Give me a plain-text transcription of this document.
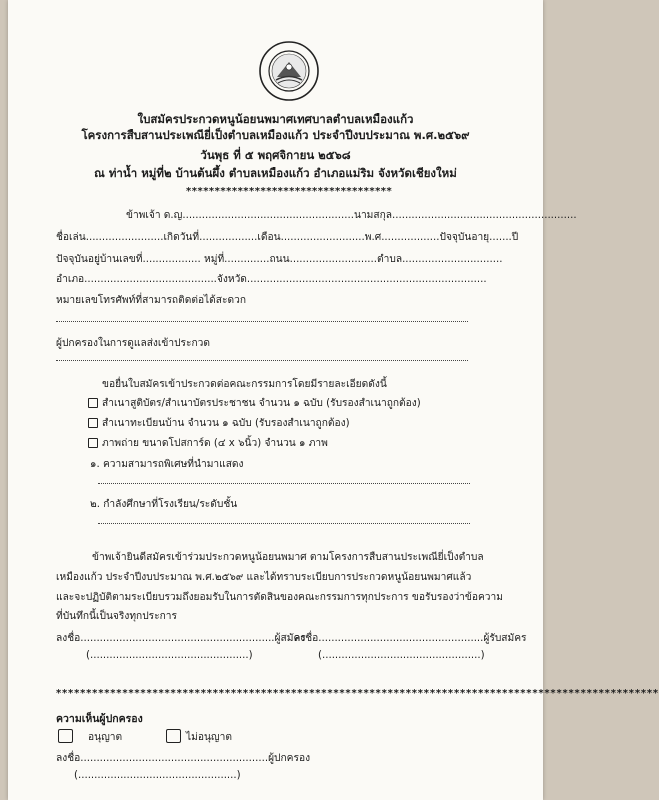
ใบสมัครประกวดหนูน้อยนพมาศเทศบาลตำบลเหมืองแก้ว
โครงการสืบสานประเพณียี่เป็งตำบลเหมืองแก้ว ประจำปีงบประมาณ พ.ศ.๒๕๖๙
วันพุธ ที่ ๕ พฤศจิกายน ๒๕๖๘
ณ ท่าน้ำ หมู่ที่๒ บ้านต้นผึ้ง ตำบลเหมืองแก้ว อำเภอแม่ริม จังหวัดเชียงใหม่
************************************
ข้าพเจ้า ด.ญ.....................................................นามสกุล.........................................................
ชื่อเล่น........................เกิดวันที่..................เดือน..........................พ.ศ..................ปัจจุบันอายุ.......ปี
ปัจจุบันอยู่บ้านเลขที่.................. หมู่ที่..............ถนน...........................ตำบล...............................
อำเภอ.........................................จังหวัด..........................................................................
หมายเลขโทรศัพท์ที่สามารถติดต่อได้สะดวก
ผู้ปกครองในการดูแลส่งเข้าประกวด
ขอยื่นใบสมัครเข้าประกวดต่อคณะกรรมการโดยมีรายละเอียดดังนี้
สำเนาสูติบัตร/สำเนาบัตรประชาชน จำนวน ๑ ฉบับ (รับรองสำเนาถูกต้อง)
สำเนาทะเบียนบ้าน จำนวน ๑ ฉบับ (รับรองสำเนาถูกต้อง)
ภาพถ่าย ขนาดโปสการ์ด (๔ x ๖นิ้ว) จำนวน ๑ ภาพ
๑. ความสามารถพิเศษที่นำมาแสดง
๒. กำลังศึกษาที่โรงเรียน/ระดับชั้น
ข้าพเจ้ายินดีสมัครเข้าร่วมประกวดหนูน้อยนพมาศ ตามโครงการสืบสานประเพณียี่เป็งตำบล
เหมืองแก้ว ประจำปีงบประมาณ พ.ศ.๒๕๖๙ และได้ทราบระเบียบการประกวดหนูน้อยนพมาศแล้ว
และจะปฏิบัติตามระเบียบรวมถึงยอมรับในการตัดสินของคณะกรรมการทุกประการ ขอรับรองว่าข้อความ
ที่บันทึกนี้เป็นจริงทุกประการ
ลงชื่อ............................................................ผู้สมัคร
(.................................................)
ลงชื่อ...................................................ผู้รับสมัคร
(.................................................)
****************************************************************************************************
ความเห็นผู้ปกครอง
อนุญาต	ไม่อนุญาต
ลงชื่อ..........................................................ผู้ปกครอง
(.................................................)
